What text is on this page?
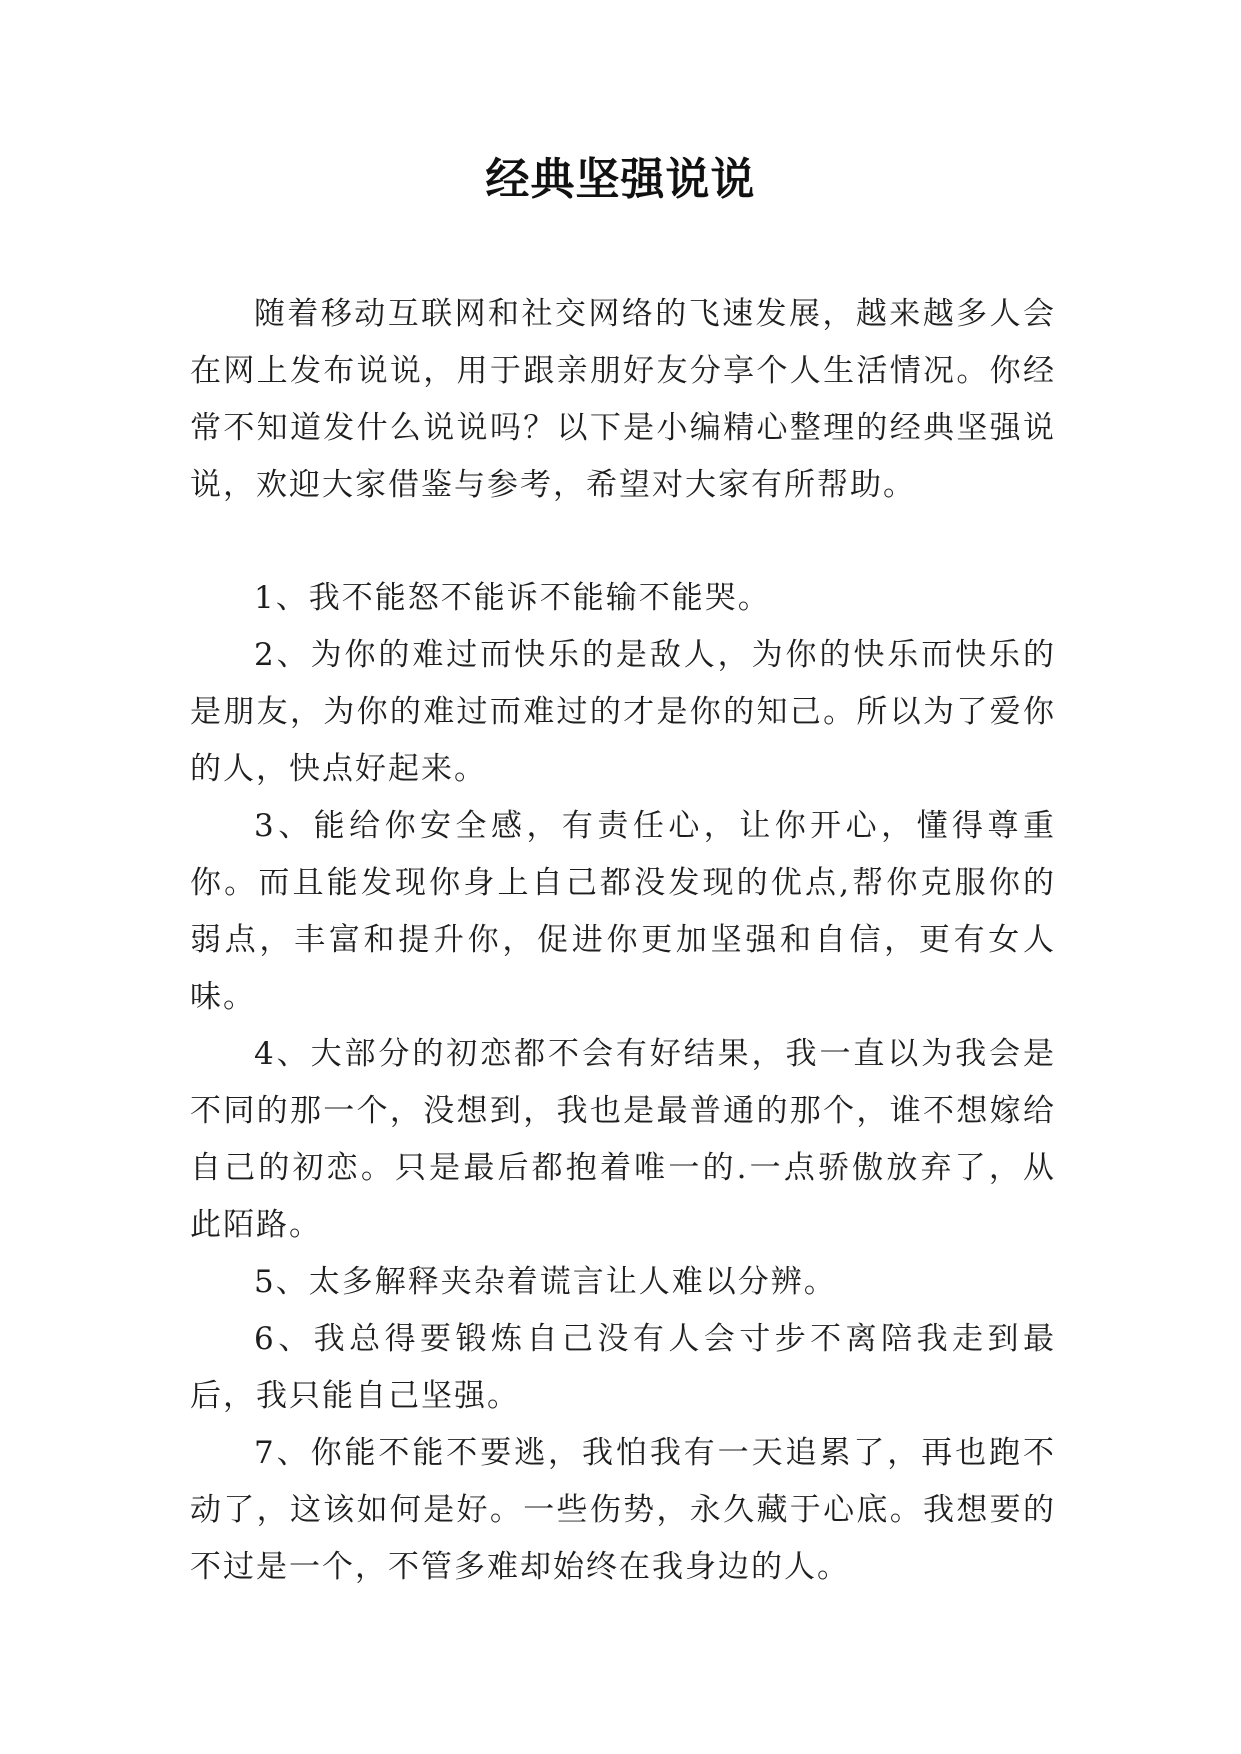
经典坚强说说

随着移动互联网和社交网络的飞速发展，越来越多人会在网上发布说说，用于跟亲朋好友分享个人生活情况。你经常不知道发什么说说吗？以下是小编精心整理的经典坚强说说，欢迎大家借鉴与参考，希望对大家有所帮助。

1、我不能怒不能诉不能输不能哭。

2、为你的难过而快乐的是敌人，为你的快乐而快乐的是朋友，为你的难过而难过的才是你的知己。所以为了爱你的人，快点好起来。

3、能给你安全感，有责任心，让你开心，懂得尊重你。而且能发现你身上自己都没发现的优点,帮你克服你的弱点，丰富和提升你，促进你更加坚强和自信，更有女人味。

4、大部分的初恋都不会有好结果，我一直以为我会是不同的那一个，没想到，我也是最普通的那个，谁不想嫁给自己的初恋。只是最后都抱着唯一的.一点骄傲放弃了，从此陌路。

5、太多解释夹杂着谎言让人难以分辨。

6、我总得要锻炼自己没有人会寸步不离陪我走到最后，我只能自己坚强。

7、你能不能不要逃，我怕我有一天追累了，再也跑不动了，这该如何是好。一些伤势，永久藏于心底。我想要的不过是一个，不管多难却始终在我身边的人。
